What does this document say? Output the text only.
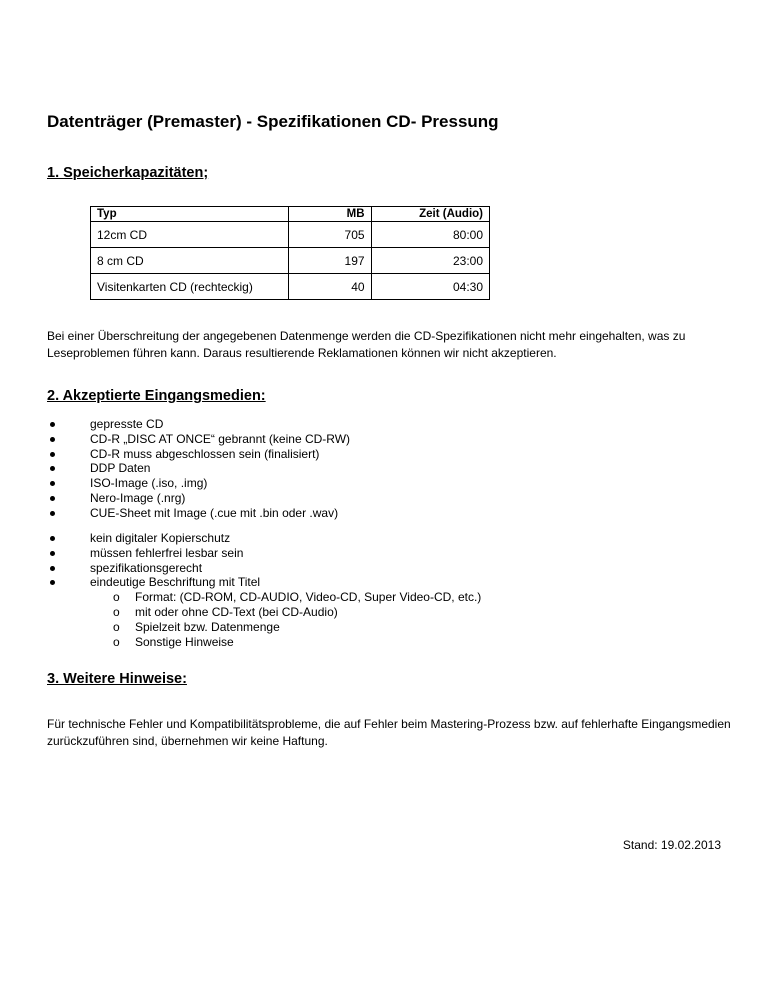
Datenträger (Premaster) - Spezifikationen CD- Pressung
1. Speicherkapazitäten;
Typ	MB	Zeit (Audio)
12cm CD	705	80:00
8 cm CD	197	23:00
Visitenkarten CD (rechteckig)	40	04:30
Bei einer Überschreitung der angegebenen Datenmenge werden die CD-Spezifikationen nicht mehr eingehalten, was zu Leseproblemen führen kann. Daraus resultierende Reklamationen können wir nicht akzeptieren.
2. Akzeptierte Eingangsmedien:
gepresste CD
CD-R „DISC AT ONCE“ gebrannt (keine CD-RW)
CD-R muss abgeschlossen sein (finalisiert)
DDP Daten
ISO-Image (.iso, .img)
Nero-Image (.nrg)
CUE-Sheet mit Image (.cue mit .bin oder .wav)
kein digitaler Kopierschutz
müssen fehlerfrei lesbar sein
spezifikationsgerecht
eindeutige Beschriftung mit Titel
o Format: (CD-ROM, CD-AUDIO, Video-CD, Super Video-CD, etc.)
o mit oder ohne CD-Text (bei CD-Audio)
o Spielzeit bzw. Datenmenge
o Sonstige Hinweise
3. Weitere Hinweise:
Für technische Fehler und Kompatibilitätsprobleme, die auf Fehler beim Mastering-Prozess bzw. auf fehlerhafte Eingangsmedien zurückzuführen sind, übernehmen wir keine Haftung.
Stand: 19.02.2013
